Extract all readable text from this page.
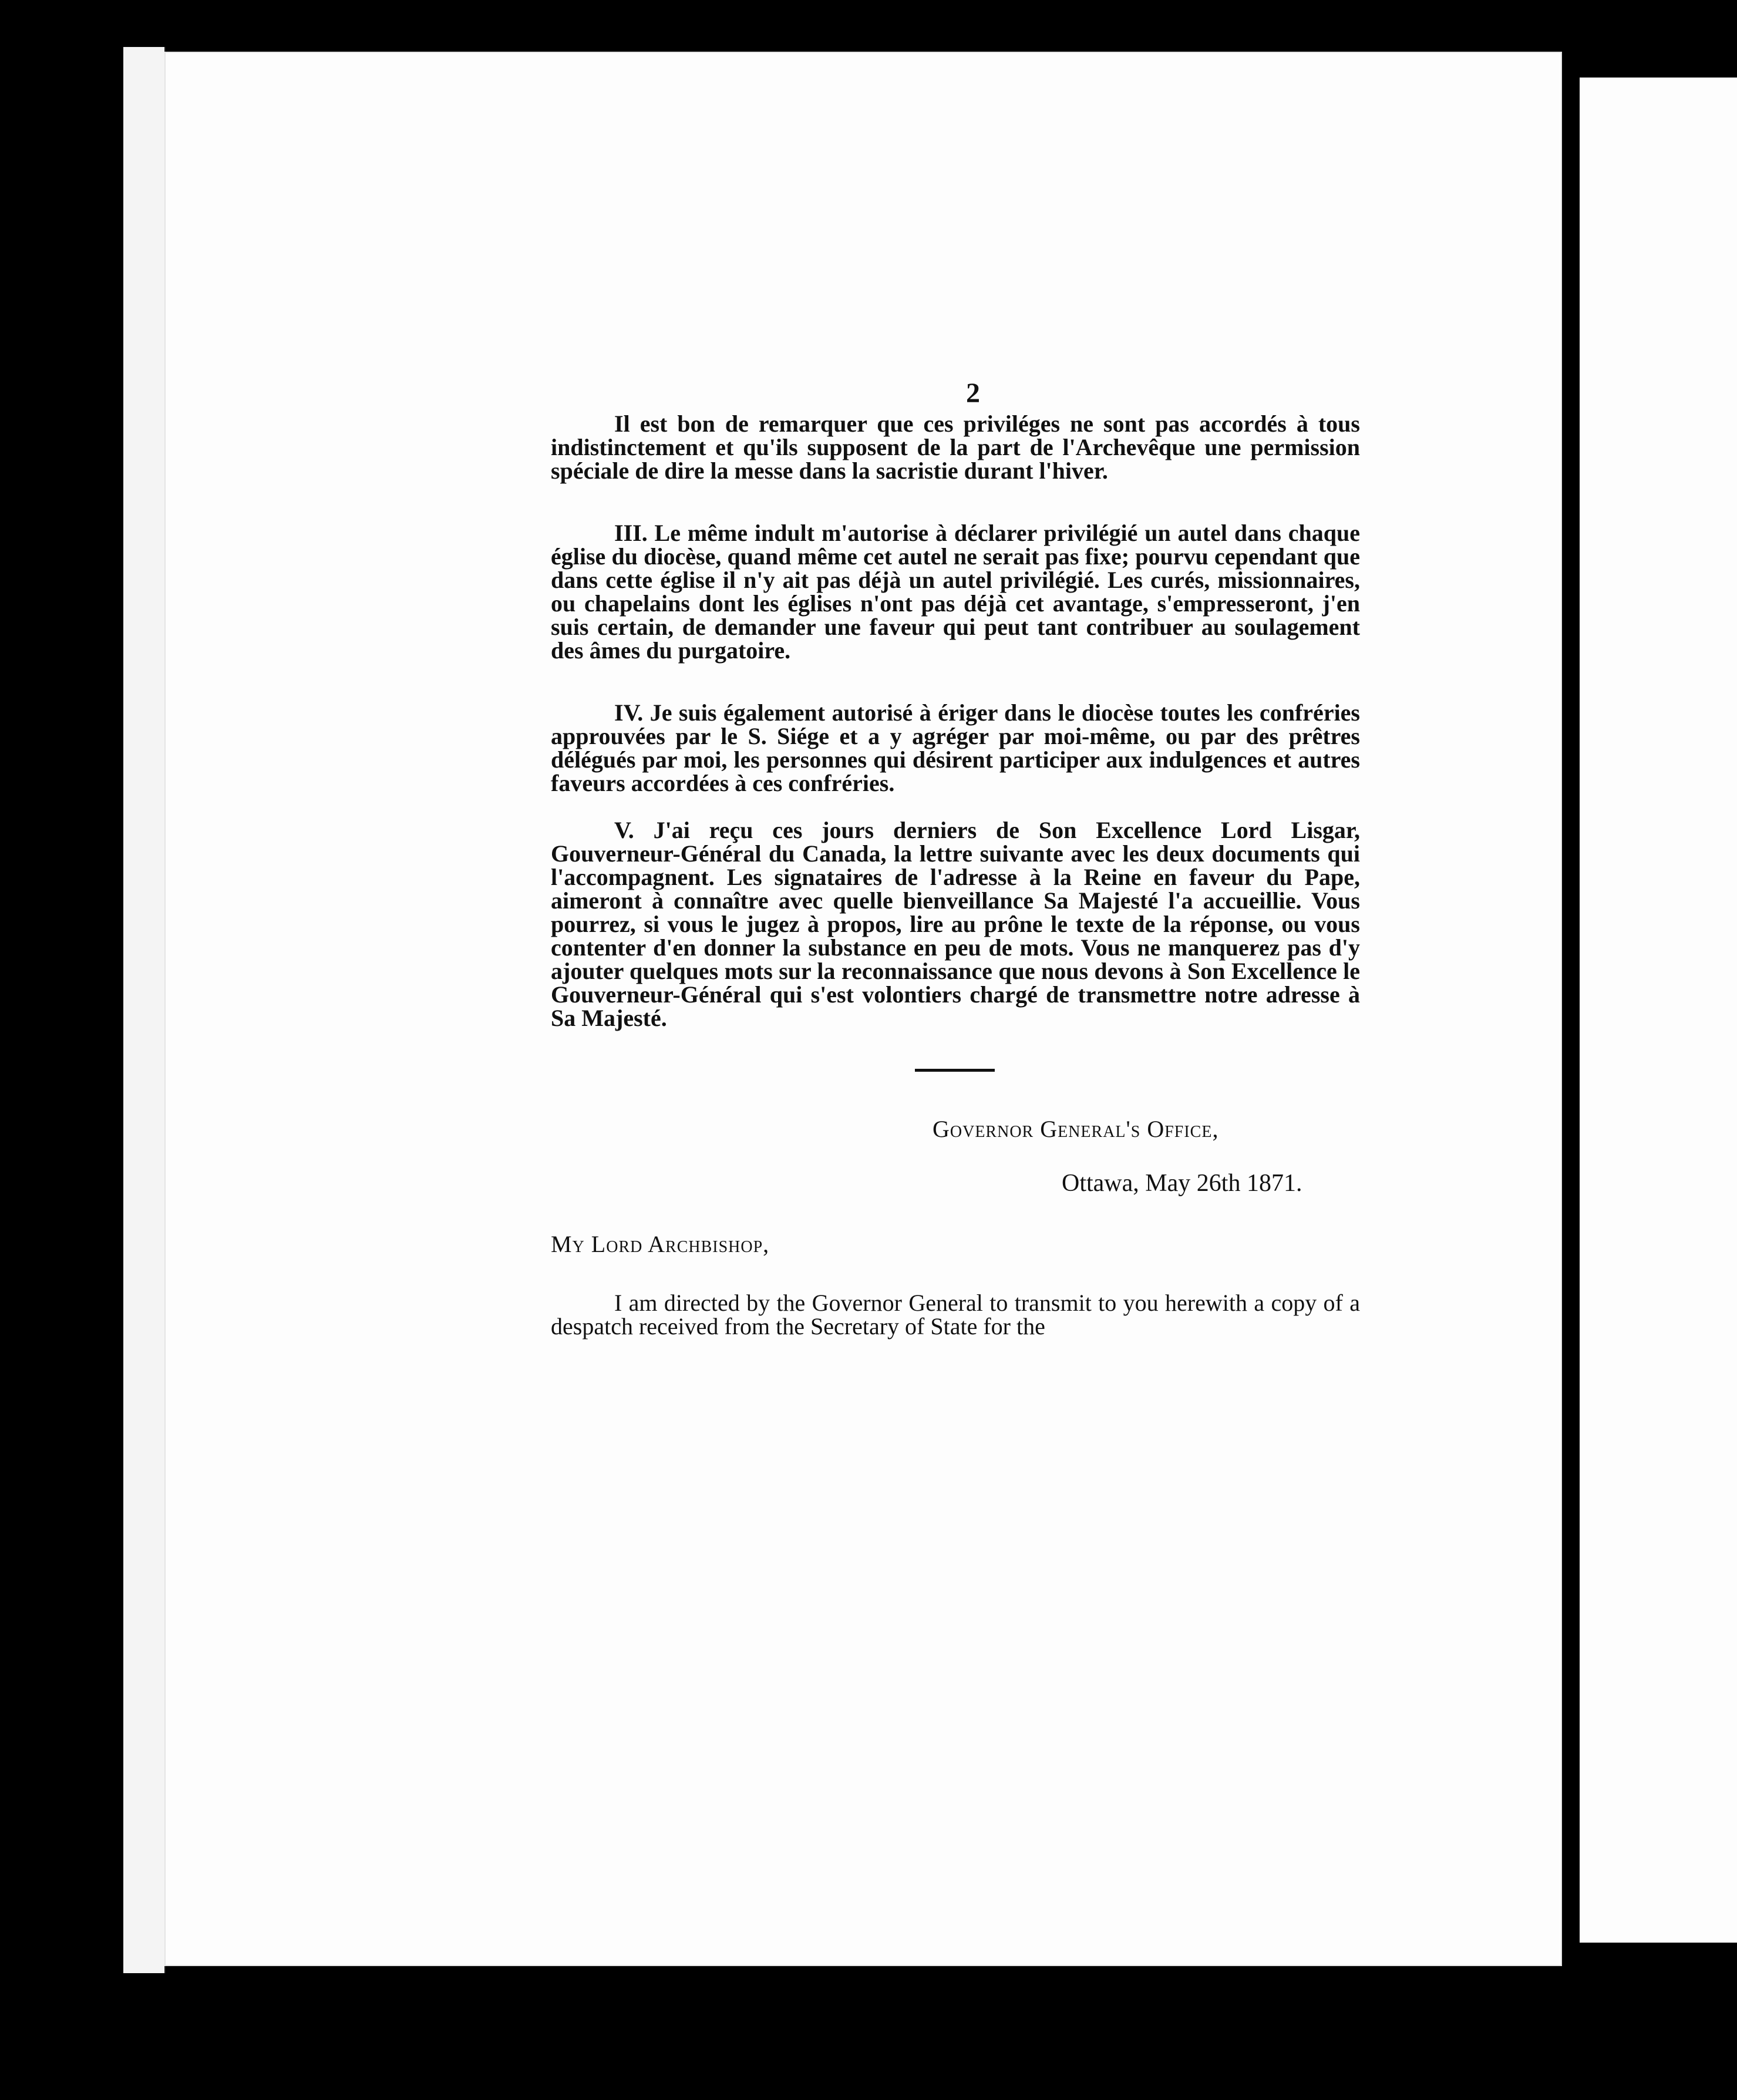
2

Il est bon de remarquer que ces priviléges ne sont pas accordés à tous indistinctement et qu'ils supposent de la part de l'Archevêque une permission spéciale de dire la messe dans la sacristie durant l'hiver.

III. Le même indult m'autorise à déclarer privilégié un autel dans chaque église du diocèse, quand même cet autel ne serait pas fixe; pourvu cependant que dans cette église il n'y ait pas déjà un autel privilégié. Les curés, missionnaires, ou chapelains dont les églises n'ont pas déjà cet avantage, s'empresseront, j'en suis certain, de demander une faveur qui peut tant contribuer au soulagement des âmes du purgatoire.

IV. Je suis également autorisé à ériger dans le diocèse toutes les confréries approuvées par le S. Siége et a y agréger par moi-même, ou par des prêtres délégués par moi, les personnes qui désirent participer aux indulgences et autres faveurs accordées à ces confréries.

V. J'ai reçu ces jours derniers de Son Excellence Lord Lisgar, Gouverneur-Général du Canada, la lettre suivante avec les deux documents qui l'accompagnent. Les signataires de l'adresse à la Reine en faveur du Pape, aimeront à connaître avec quelle bienveillance Sa Majesté l'a accueillie. Vous pourrez, si vous le jugez à propos, lire au prône le texte de la réponse, ou vous contenter d'en donner la substance en peu de mots. Vous ne manquerez pas d'y ajouter quelques mots sur la reconnaissance que nous devons à Son Excellence le Gouverneur-Général qui s'est volontiers chargé de transmettre notre adresse à Sa Majesté.

Governor General's Office,
Ottawa, May 26th 1871.
My Lord Archbishop,

I am directed by the Governor General to transmit to you herewith a copy of a despatch received from the Secretary of State for the
